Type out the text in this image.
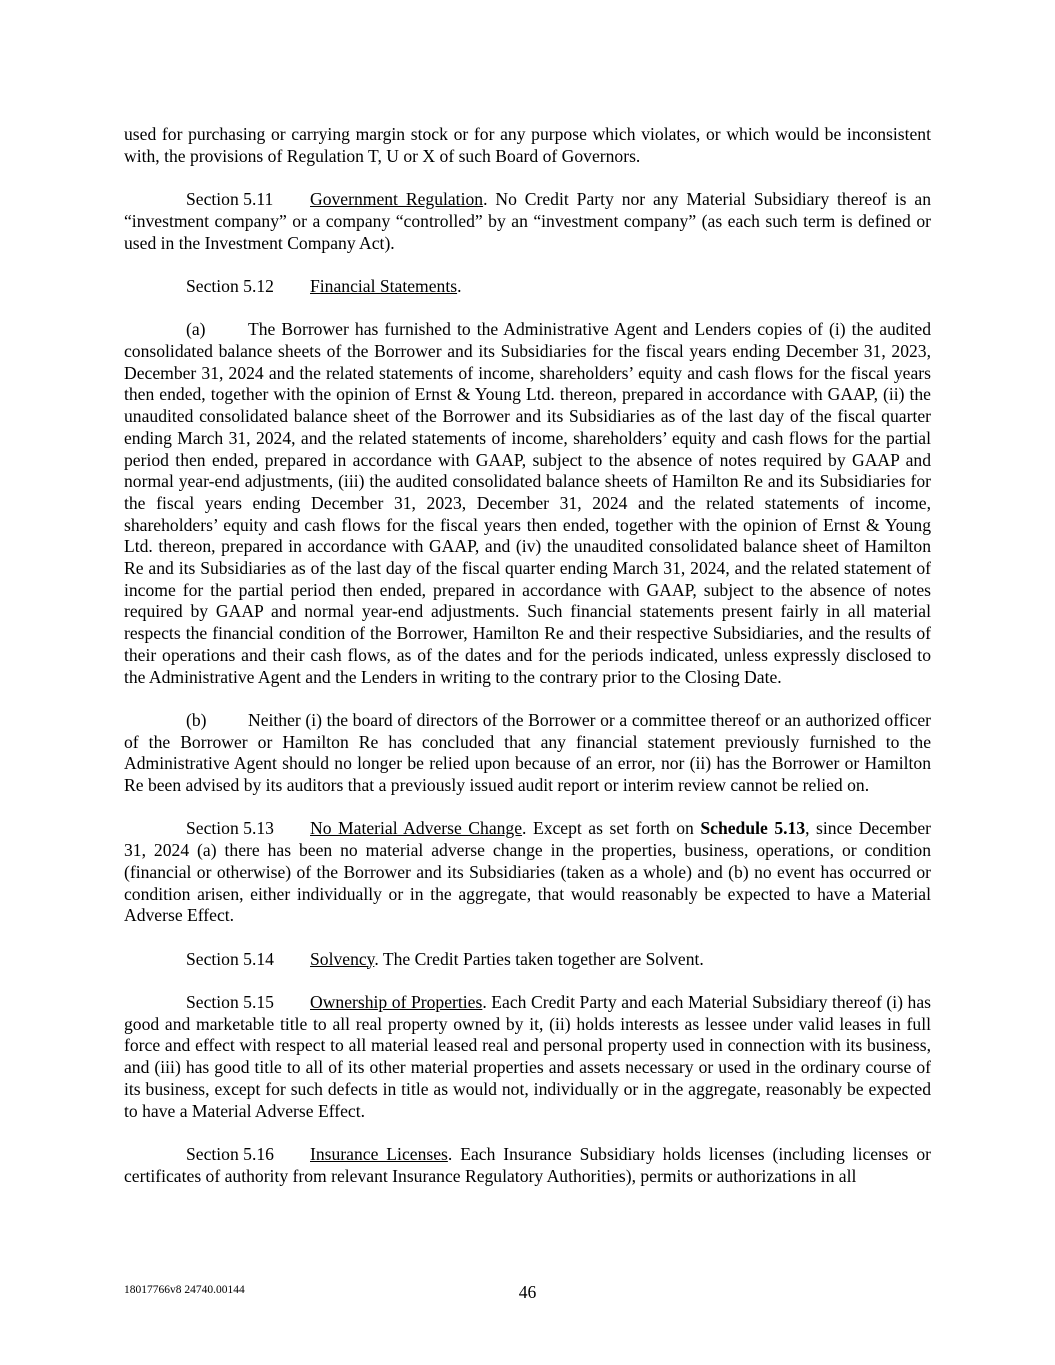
used for purchasing or carrying margin stock or for any purpose which violates, or which would be inconsistent with, the provisions of Regulation T, U or X of such Board of Governors.

Section 5.11 Government Regulation. No Credit Party nor any Material Subsidiary thereof is an “investment company” or a company “controlled” by an “investment company” (as each such term is defined or used in the Investment Company Act).

Section 5.12 Financial Statements.

(a) The Borrower has furnished to the Administrative Agent and Lenders copies of (i) the audited consolidated balance sheets of the Borrower and its Subsidiaries for the fiscal years ending December 31, 2023, December 31, 2024 and the related statements of income, shareholders’ equity and cash flows for the fiscal years then ended, together with the opinion of Ernst & Young Ltd. thereon, prepared in accordance with GAAP, (ii) the unaudited consolidated balance sheet of the Borrower and its Subsidiaries as of the last day of the fiscal quarter ending March 31, 2024, and the related statements of income, shareholders’ equity and cash flows for the partial period then ended, prepared in accordance with GAAP, subject to the absence of notes required by GAAP and normal year-end adjustments, (iii) the audited consolidated balance sheets of Hamilton Re and its Subsidiaries for the fiscal years ending December 31, 2023, December 31, 2024 and the related statements of income, shareholders’ equity and cash flows for the fiscal years then ended, together with the opinion of Ernst & Young Ltd. thereon, prepared in accordance with GAAP, and (iv) the unaudited consolidated balance sheet of Hamilton Re and its Subsidiaries as of the last day of the fiscal quarter ending March 31, 2024, and the related statement of income for the partial period then ended, prepared in accordance with GAAP, subject to the absence of notes required by GAAP and normal year-end adjustments. Such financial statements present fairly in all material respects the financial condition of the Borrower, Hamilton Re and their respective Subsidiaries, and the results of their operations and their cash flows, as of the dates and for the periods indicated, unless expressly disclosed to the Administrative Agent and the Lenders in writing to the contrary prior to the Closing Date.

(b) Neither (i) the board of directors of the Borrower or a committee thereof or an authorized officer of the Borrower or Hamilton Re has concluded that any financial statement previously furnished to the Administrative Agent should no longer be relied upon because of an error, nor (ii) has the Borrower or Hamilton Re been advised by its auditors that a previously issued audit report or interim review cannot be relied on.

Section 5.13 No Material Adverse Change. Except as set forth on Schedule 5.13, since December 31, 2024 (a) there has been no material adverse change in the properties, business, operations, or condition (financial or otherwise) of the Borrower and its Subsidiaries (taken as a whole) and (b) no event has occurred or condition arisen, either individually or in the aggregate, that would reasonably be expected to have a Material Adverse Effect.

Section 5.14 Solvency. The Credit Parties taken together are Solvent.

Section 5.15 Ownership of Properties. Each Credit Party and each Material Subsidiary thereof (i) has good and marketable title to all real property owned by it, (ii) holds interests as lessee under valid leases in full force and effect with respect to all material leased real and personal property used in connection with its business, and (iii) has good title to all of its other material properties and assets necessary or used in the ordinary course of its business, except for such defects in title as would not, individually or in the aggregate, reasonably be expected to have a Material Adverse Effect.

Section 5.16 Insurance Licenses. Each Insurance Subsidiary holds licenses (including licenses or certificates of authority from relevant Insurance Regulatory Authorities), permits or authorizations in all

18017766v8 24740.00144	46
